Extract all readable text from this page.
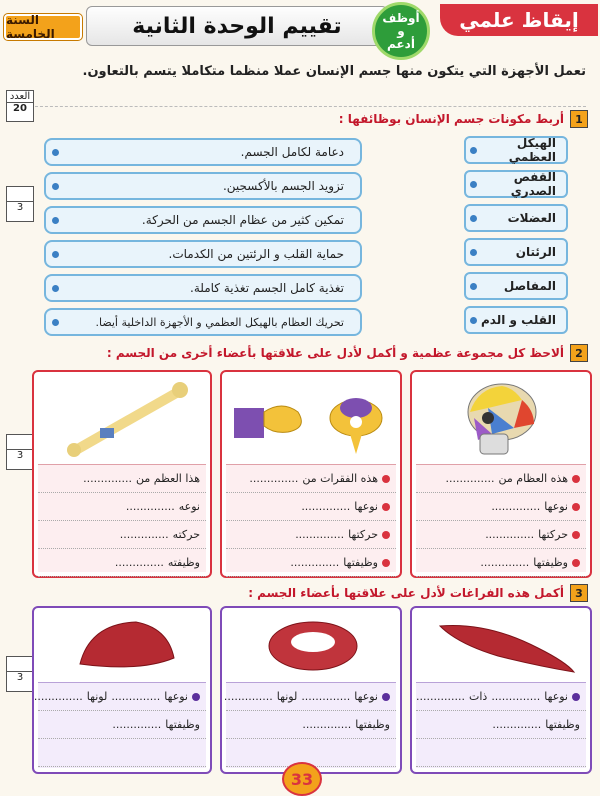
السنة الخامسة	تقييم الوحدة الثانية	أوظف
و
أدعم
إيقاظ علمي
تعمل الأجهزة التي يتكون منها جسم الإنسان عملا منظما متكاملا يتسم بالتعاون.
العدد
20
3
3
3
1
أربط مكونات جسم الإنسان بوظائفها :
دعامة لكامل الجسم.
تزويد الجسم بالأكسجين.
تمكين كثير من عظام الجسم من الحركة.
حماية القلب و الرئتين من الكدمات.
تغذية كامل الجسم تغذية كاملة.
تحريك العظام بالهيكل العظمي و الأجهزة الداخلية أيضا.
الهيكل العظمي
القفص الصدري
العضلات
الرئتان
المفاصل
القلب و الدم
2
ألاحظ كل مجموعة عظمية و أكمل لأدل على علاقتها بأعضاء أخرى من الجسم :
هذه العظام من
..............
نوعها
..............
حركتها
..............
وظيفتها
..............
هذه الفقرات من
..............
نوعها
..............
حركتها
..............
وظيفتها
..............
هذا العظم من
..............
نوعه
..............
حركته
..............
وظيفته
..............
3
أكمل هذه الفراغات لأدل على علاقتها بأعضاء الجسم :
نوعها
..............
ذات
..............
وظيفتها
..............
نوعها
..............
لونها
..............
وظيفتها
..............
نوعها
..............
لونها
..............
وظيفتها
..............
33
